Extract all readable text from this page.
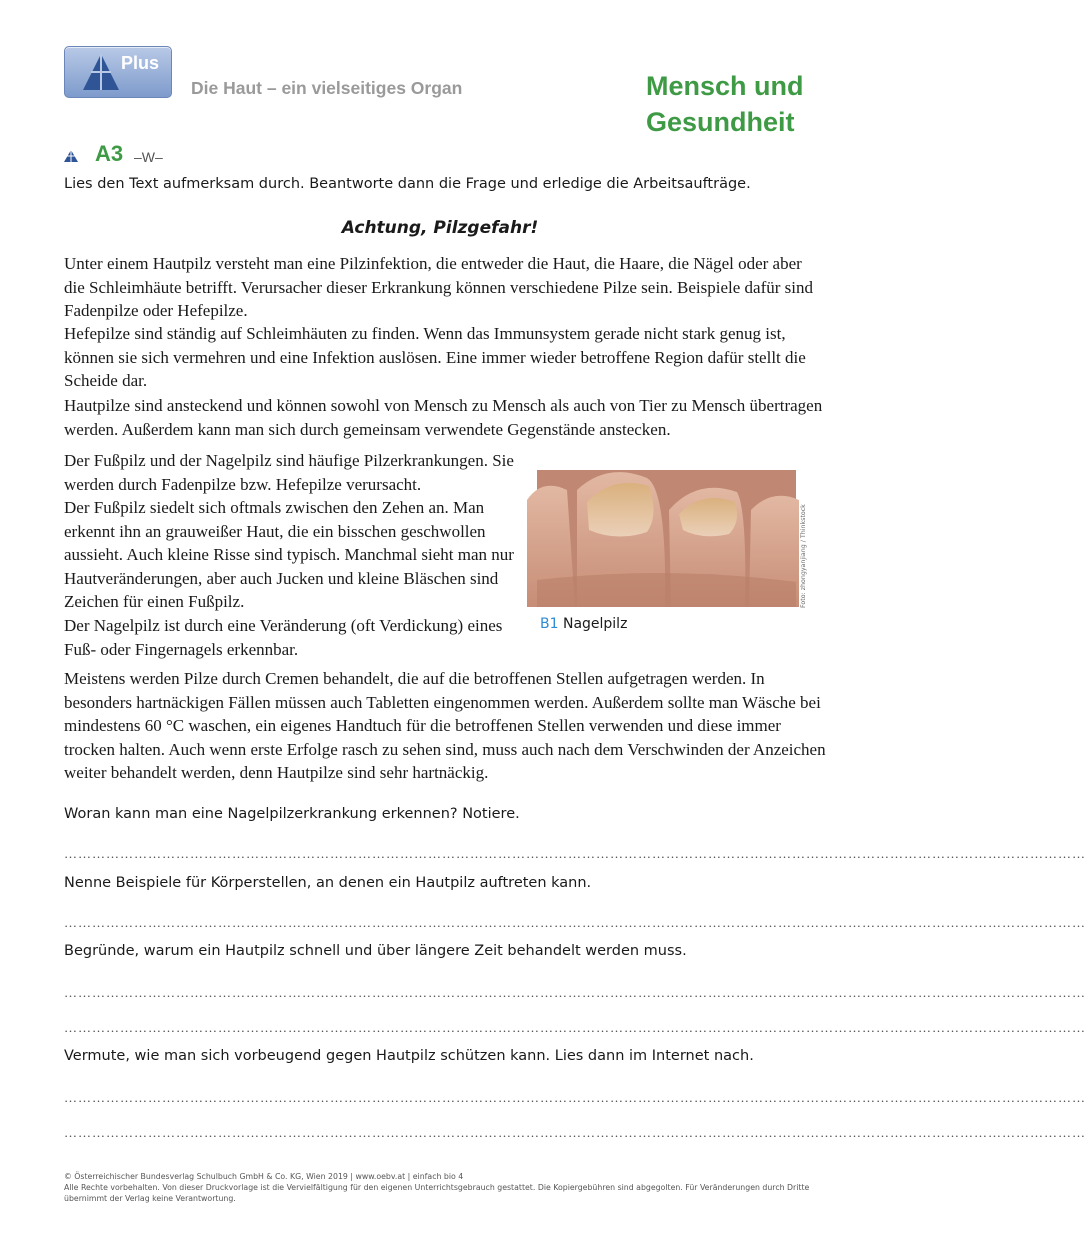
Plus
Die Haut – ein vielseitiges Organ	Mensch und Gesundheit
A3 –W–
Lies den Text aufmerksam durch. Beantworte dann die Frage und erledige die Arbeitsaufträge.
Achtung, Pilzgefahr!

Unter einem Hautpilz versteht man eine Pilzinfektion, die entweder die Haut, die Haare, die Nägel oder aber die Schleimhäute betrifft. Verursacher dieser Erkrankung können verschiedene Pilze sein. Beispiele dafür sind Fadenpilze oder Hefepilze.

Hefepilze sind ständig auf Schleimhäuten zu finden. Wenn das Immunsystem gerade nicht stark genug ist, können sie sich vermehren und eine Infektion auslösen. Eine immer wieder betroffene Region dafür stellt die Scheide dar.

Hautpilze sind ansteckend und können sowohl von Mensch zu Mensch als auch von Tier zu Mensch übertragen werden. Außerdem kann man sich durch gemeinsam verwendete Gegenstände anstecken.

Der Fußpilz und der Nagelpilz sind häufige Pilzerkrankungen. Sie werden durch Fadenpilze bzw. Hefepilze verursacht.

Der Fußpilz siedelt sich oftmals zwischen den Zehen an. Man erkennt ihn an grauweißer Haut, die ein bisschen geschwollen aussieht. Auch kleine Risse sind typisch. Manchmal sieht man nur Hautveränderungen, aber auch Jucken und kleine Bläschen sind Zeichen für einen Fußpilz.

Der Nagelpilz ist durch eine Veränderung (oft Verdickung) eines Fuß- oder Fingernagels erkennbar.

Meistens werden Pilze durch Cremen behandelt, die auf die betroffenen Stellen aufgetragen werden. In besonders hartnäckigen Fällen müssen auch Tabletten eingenommen werden. Außerdem sollte man Wäsche bei mindestens 60 °C waschen, ein eigenes Handtuch für die betroffenen Stellen verwenden und diese immer trocken halten. Auch wenn erste Erfolge rasch zu sehen sind, muss auch nach dem Verschwinden der Anzeichen weiter behandelt werden, denn Hautpilze sind sehr hartnäckig.

Foto: zhongyanjiang / Thinkstock
B1 Nagelpilz
Woran kann man eine Nagelpilzerkrankung erkennen? Notiere.
…………………………………………………………………………………………………………………………………………………………………………………………………
Nenne Beispiele für Körperstellen, an denen ein Hautpilz auftreten kann.
…………………………………………………………………………………………………………………………………………………………………………………………………
Begründe, warum ein Hautpilz schnell und über längere Zeit behandelt werden muss.
…………………………………………………………………………………………………………………………………………………………………………………………………
…………………………………………………………………………………………………………………………………………………………………………………………………
Vermute, wie man sich vorbeugend gegen Hautpilz schützen kann. Lies dann im Internet nach.
…………………………………………………………………………………………………………………………………………………………………………………………………
…………………………………………………………………………………………………………………………………………………………………………………………………
© Österreichischer Bundesverlag Schulbuch GmbH & Co. KG, Wien 2019 | www.oebv.at | einfach bio 4
Alle Rechte vorbehalten. Von dieser Druckvorlage ist die Vervielfältigung für den eigenen Unterrichtsgebrauch gestattet. Die Kopiergebühren sind abgegolten. Für Veränderungen durch Dritte übernimmt der Verlag keine Verantwortung.
